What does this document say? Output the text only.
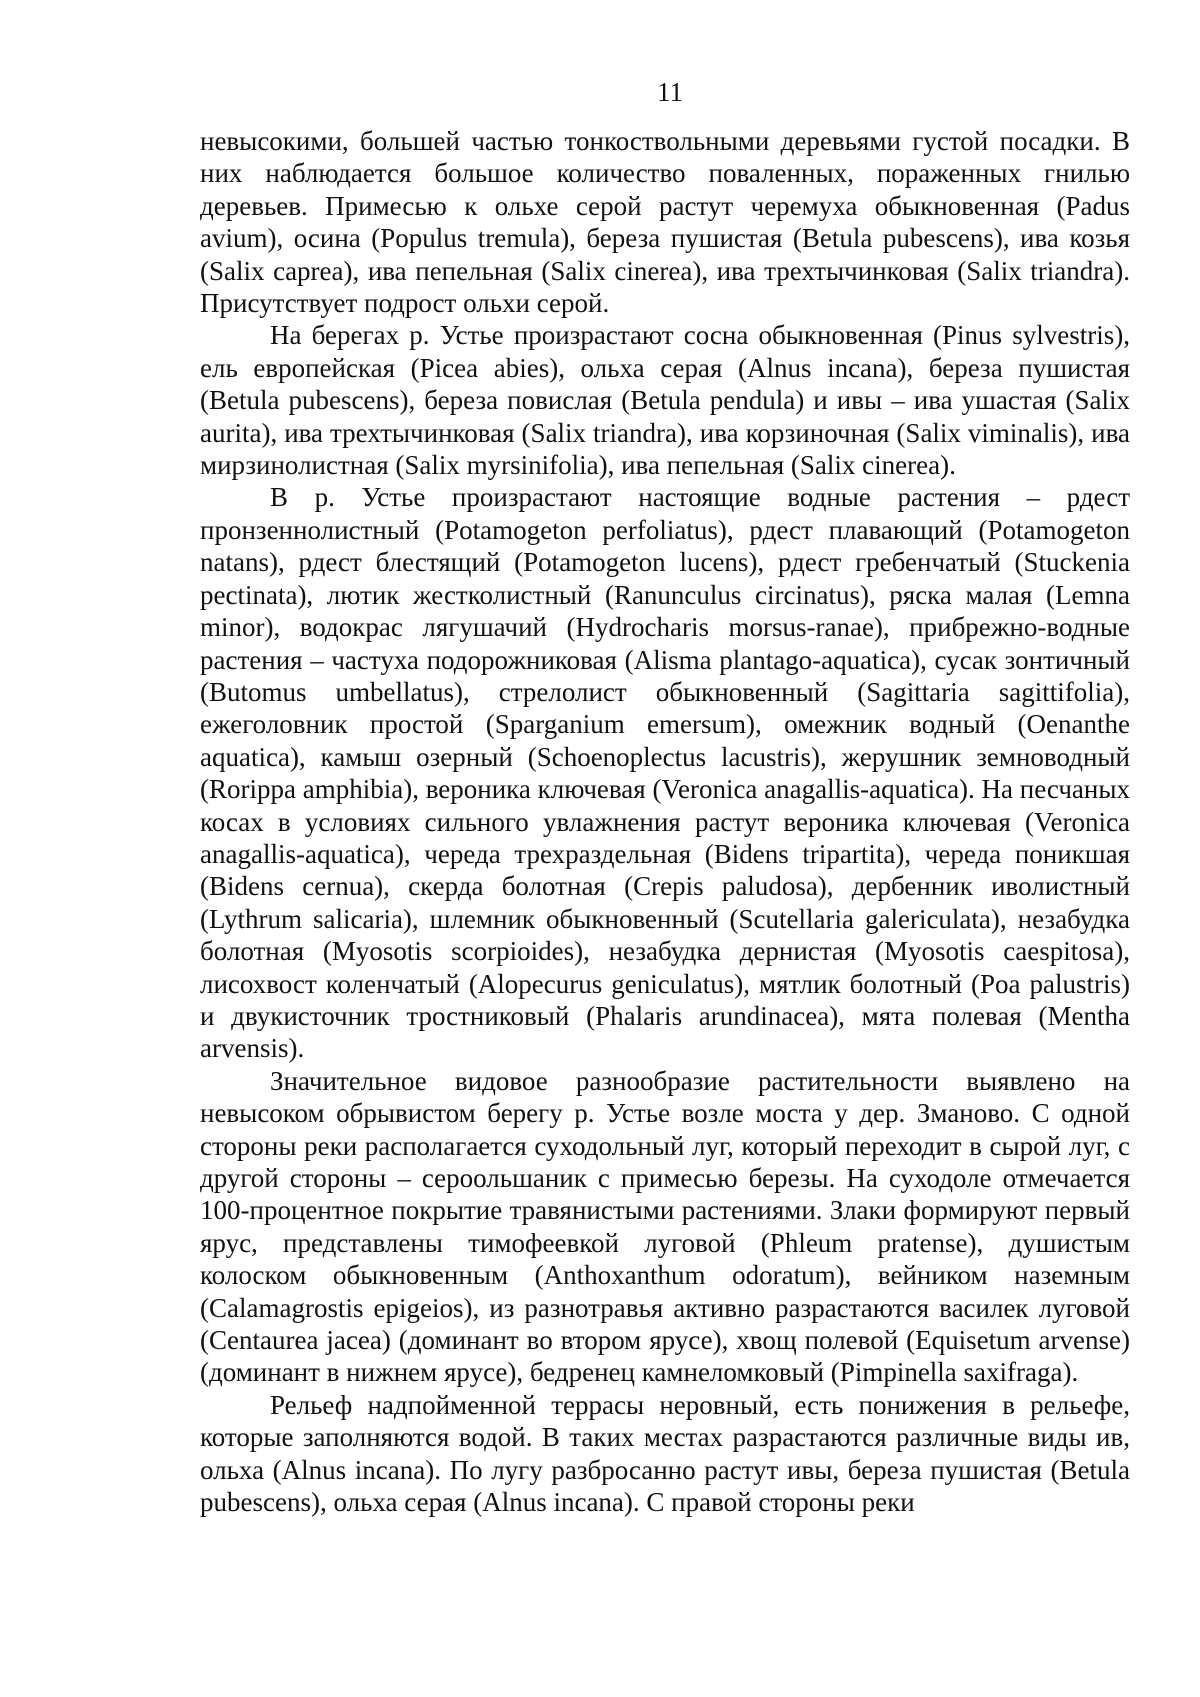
11

невысокими, большей частью тонкоствольными деревьями густой посадки. В них наблюдается большое количество поваленных, пораженных гнилью деревьев. Примесью к ольхе серой растут черемуха обыкновенная (Padus avium), осина (Populus tremula), береза пушистая (Betula pubescens), ива козья (Salix caprea), ива пепельная (Salix cinerea), ива трехтычинковая (Salix triandra). Присутствует подрост ольхи серой.

На берегах р. Устье произрастают сосна обыкновенная (Pinus sylvestris), ель европейская (Picea abies), ольха серая (Alnus incana), береза пушистая (Betula pubescens), береза повислая (Betula pendula) и ивы – ива ушастая (Salix aurita), ива трехтычинковая (Salix triandra), ива корзиночная (Salix viminalis), ива мирзинолистная (Salix myrsinifolia), ива пепельная (Salix cinerea).

В р. Устье произрастают настоящие водные растения – рдест пронзеннолистный (Potamogeton perfoliatus), рдест плавающий (Potamogeton natans), рдест блестящий (Potamogeton lucens), рдест гребенчатый (Stuckenia pectinata), лютик жестколистный (Ranunculus circinatus), ряска малая (Lemna minor), водокрас лягушачий (Hydrocharis morsus-ranae), прибрежно-водные растения – частуха подорожниковая (Alisma plantago-aquatica), сусак зонтичный (Butomus umbellatus), стрелолист обыкновенный (Sagittaria sagittifolia), ежеголовник простой (Sparganium emersum), омежник водный (Oenanthe aquatica), камыш озерный (Schoenoplectus lacustris), жерушник земноводный (Rorippa amphibia), вероника ключевая (Veronica anagallis-aquatica). На песчаных косах в условиях сильного увлажнения растут вероника ключевая (Veronica anagallis-aquatica), череда трехраздельная (Bidens tripartita), череда поникшая (Bidens cernua), скерда болотная (Crepis paludosa), дербенник иволистный (Lythrum salicaria), шлемник обыкновенный (Scutellaria galericulata), незабудка болотная (Myosotis scorpioides), незабудка дернистая (Myosotis caespitosa), лисохвост коленчатый (Alopecurus geniculatus), мятлик болотный (Poa palustris) и двукисточник тростниковый (Phalaris arundinacea), мята полевая (Mentha arvensis).

Значительное видовое разнообразие растительности выявлено на невысоком обрывистом берегу р. Устье возле моста у дер. Зманово. С одной стороны реки располагается суходольный луг, который переходит в сырой луг, с другой стороны – сероольшаник с примесью березы. На суходоле отмечается 100-процентное покрытие травянистыми растениями. Злаки формируют первый ярус, представлены тимофеевкой луговой (Phleum pratense), душистым колоском обыкновенным (Anthoxanthum odoratum), вейником наземным (Calamagrostis epigeios), из разнотравья активно разрастаются василек луговой (Centaurea jacea) (доминант во втором ярусе), хвощ полевой (Equisetum arvense) (доминант в нижнем ярусе), бедренец камнеломковый (Pimpinella saxifraga).

Рельеф надпойменной террасы неровный, есть понижения в рельефе, которые заполняются водой. В таких местах разрастаются различные виды ив, ольха (Alnus incana). По лугу разбросанно растут ивы, береза пушистая (Betula pubescens), ольха серая (Alnus incana). С правой стороны реки
